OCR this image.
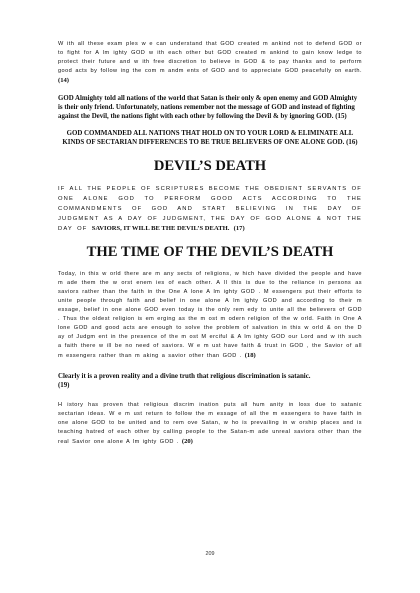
W ith all these exam ples w e can understand that GOD created m ankind not to defend GOD or to fight for A lm ighty GOD w ith each other but GOD created m ankind to gain know ledge to protect their future and w ith free discretion to believe in GOD & to pay thanks and to perform good acts by follow ing the com m andm ents of GOD and to appreciate GOD peacefully on earth. (14)

GOD Almighty told all nations of the world that Satan is their only & open enemy and GOD Almighty is their only friend. Unfortunately, nations remember not the message of GOD and instead of fighting against the Devil, the nations fight with each other by following the Devil & by ignoring GOD. (15)

GOD COMMANDED ALL NATIONS THAT HOLD ON TO YOUR LORD & ELIMINATE ALL KINDS OF SECTARIAN DIFFERENCES TO BE TRUE BELIEVERS OF ONE ALONE GOD. (16)

DEVIL’S DEATH

IF ALL THE PEOPLE OF SCRIPTURES BECOME THE OBEDIENT SERVANTS OF ONE ALONE GOD TO PERFORM GOOD ACTS ACCORDING TO THE COMMANDMENTS OF GOD AND START BELIEVING IN THE DAY OF JUDGMENT AS A DAY OF JUDGMENT, THE DAY OF GOD ALONE & NOT THE DAY OF SAVIORS, IT WILL BE THE DEVIL’S DEATH. (17)

THE TIME OF THE DEVIL’S DEATH

Today, in this w orld there are m any sects of religions, w hich have divided the people and have m ade them the w orst enem ies of each other. A ll this is due to the reliance in persons as saviors rather than the faith in the One A lone A lm ighty GOD . M essengers put their efforts to unite people through faith and belief in one alone A lm ighty GOD and according to their m essage, belief in one alone GOD even today is the only rem edy to unite all the believers of GOD . Thus the oldest religion is em erging as the m ost m odern religion of the w orld. Faith in One A lone GOD and good acts are enough to solve the problem of salvation in this w orld & on the D ay of Judgm ent in the presence of the m ost M erciful & A lm ighty GOD our Lord and w ith such a faith there w ill be no need of saviors. W e m ust have faith & trust in GOD , the Savior of all m essengers rather than m aking a savior other than GOD . (18)

Clearly it is a proven reality and a divine truth that religious discrimination is satanic.
(19)

H istory has proven that religious discrim ination puts all hum anity in loss due to satanic sectarian ideas. W e m ust return to follow the m essage of all the m essengers to have faith in one alone GOD to be united and to rem ove Satan, w ho is prevailing in w orship places and is teaching hatred of each other by calling people to the Satan-m ade unreal saviors other than the real Savior one alone A lm ighty GOD . (20)

209
